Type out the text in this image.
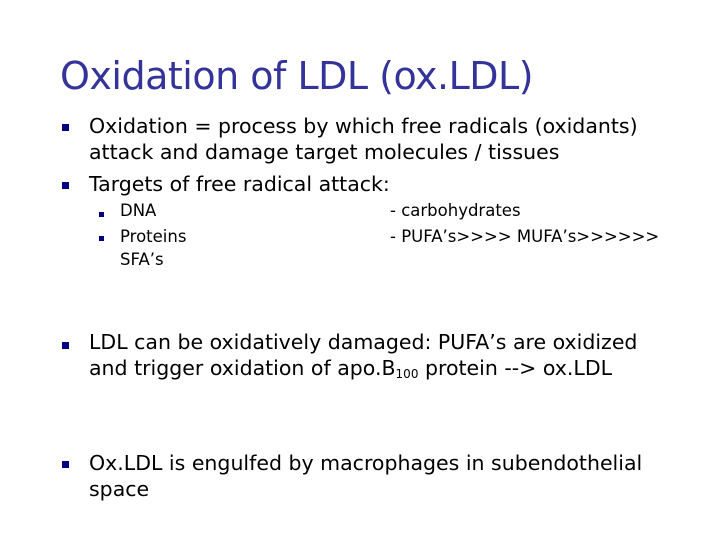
Oxidation of LDL (ox.LDL)
Oxidation = process by which free radicals (oxidants)
attack and damage target molecules / tissues
Targets of free radical attack:
DNA	- carbohydrates
Proteins	- PUFA’s>>>> MUFA’s>>>>>>
SFA’s
LDL can be oxidatively damaged: PUFA’s are oxidized
and trigger oxidation of $apo.B_{100}$ protein --> ox.LDL
Ox.LDL is engulfed by macrophages in subendothelial
space
